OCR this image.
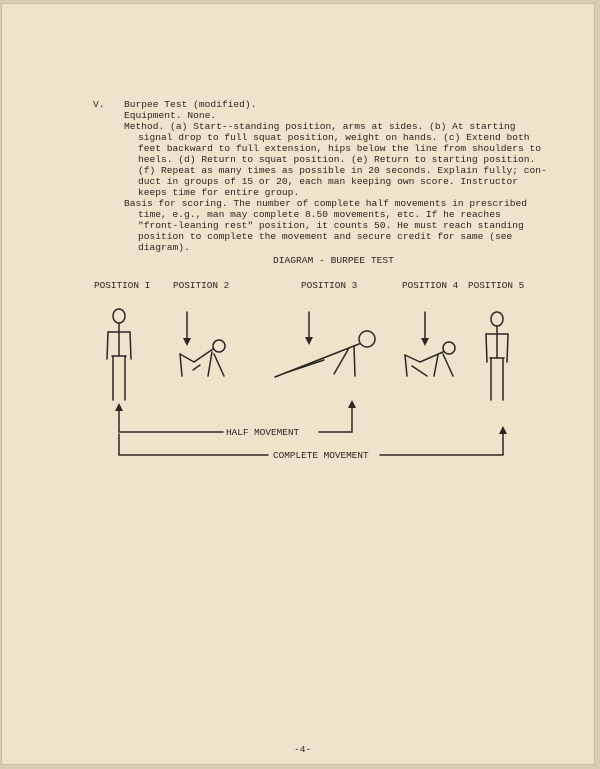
V. Burpee Test (modified).
Equipment. None.
Method. (a) Start--standing position, arms at sides. (b) At starting
signal drop to full squat position, weight on hands. (c) Extend both
feet backward to full extension, hips below the line from shoulders to
heels. (d) Return to squat position. (e) Return to starting position.
(f) Repeat as many times as possible in 20 seconds. Explain fully; con-
duct in groups of 15 or 20, each man keeping own score. Instructor
keeps time for entire group.
Basis for scoring. The number of complete half movements in prescribed
time, e.g., man may complete 8.50 movements, etc. If he reaches
"front-leaning rest" position, it counts 50. He must reach standing
position to complete the movement and secure credit for same (see
diagram).
DIAGRAM - BURPEE TEST
POSITION I POSITION 2	POSITION 3	POSITION 4 POSITION 5
HALF MOVEMENT
COMPLETE MOVEMENT
-4-
